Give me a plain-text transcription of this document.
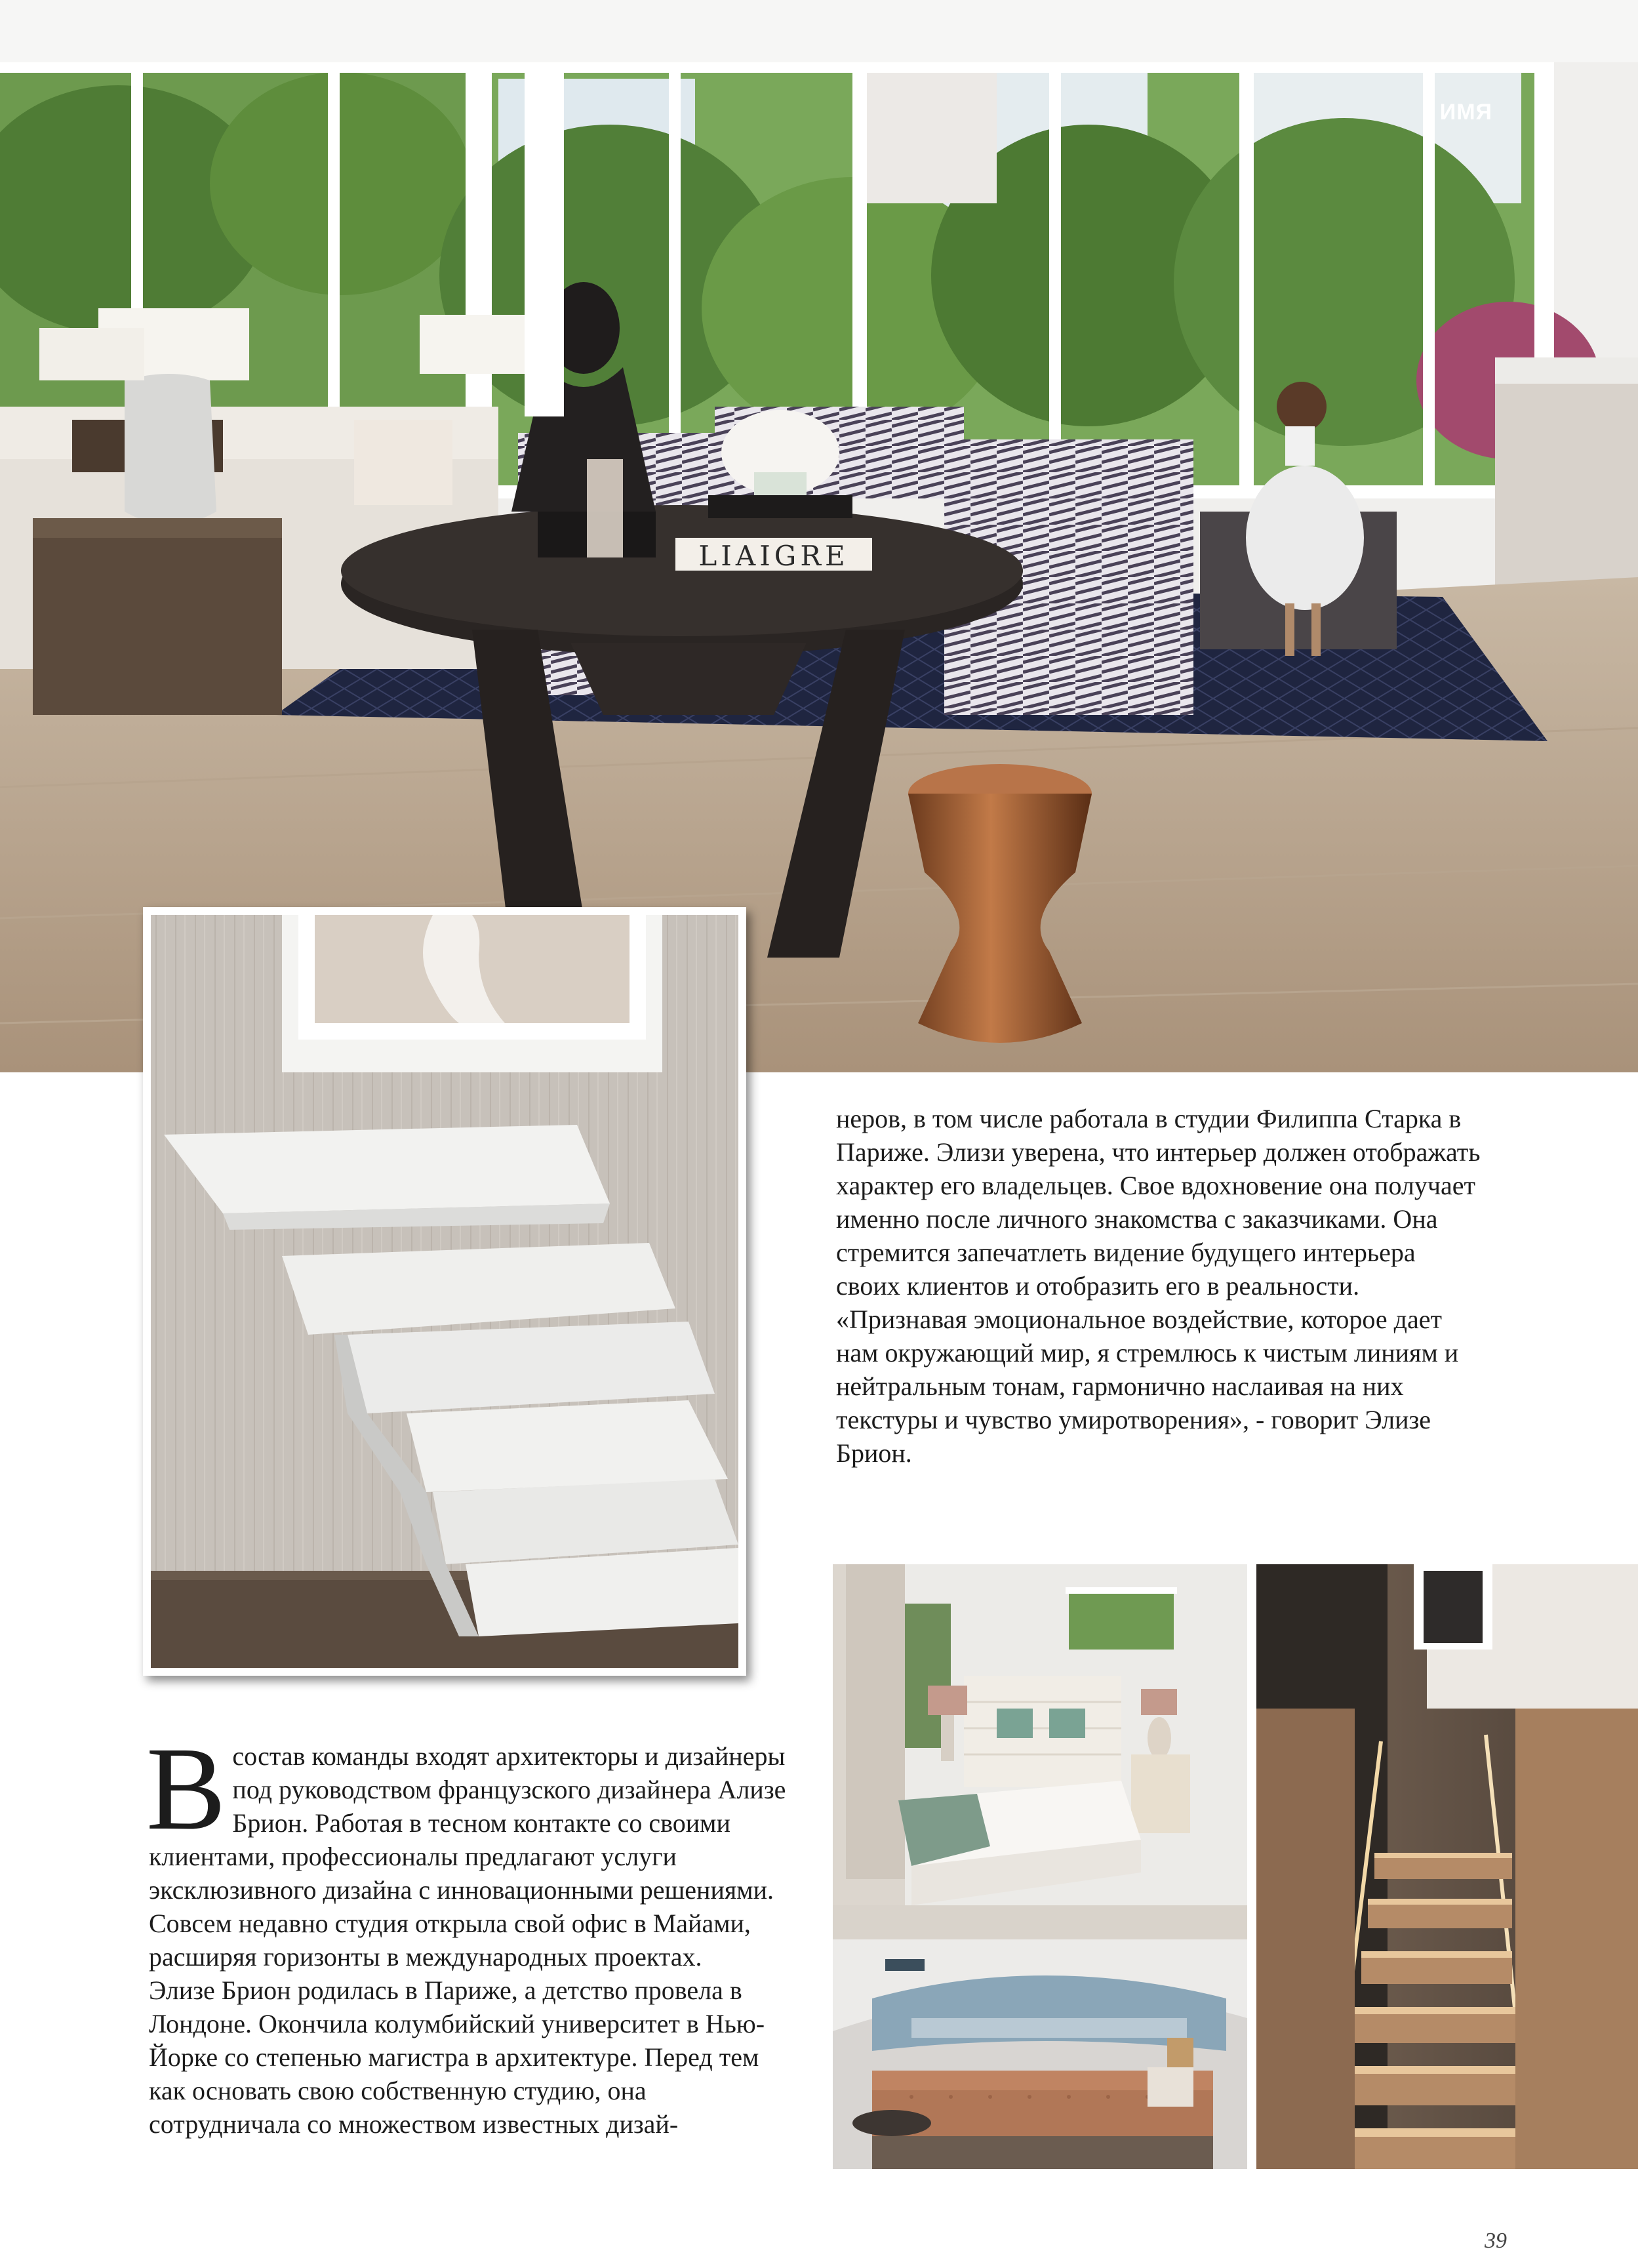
LIAIGRE
ИМЯ

неров, в том числе работала в студии Филиппа Старка в Париже. Элизи уверена, что интерьер должен отображать характер его владельцев. Свое вдохновение она получает именно после личного знакомства с заказчиками. Она стремится запечатлеть видение будущего интерьера своих клиентов и отобразить его в реальности. «Признавая эмоциональное воздействие, которое дает нам окружающий мир, я стремлюсь к чистым линиям и нейтральным тонам, гармонично наслаивая на них текстуры и чувство умиротворения», - говорит Элизе Брион.

В состав команды входят архитекторы и дизайнеры под руководством французского дизайнера Ализе Брион. Работая в тесном контакте со своими клиентами, профессионалы предлагают услуги эксклюзивного дизайна с инновационными решениями. Совсем недавно студия открыла свой офис в Майами, расширяя горизонты в международных проектах.

Элизе Брион родилась в Париже, а детство провела в Лондоне. Окончила колумбийский университет в Нью-Йорке со степенью магистра в архитектуре. Перед тем как основать свою собственную студию, она сотрудничала со множеством известных дизай-

39
